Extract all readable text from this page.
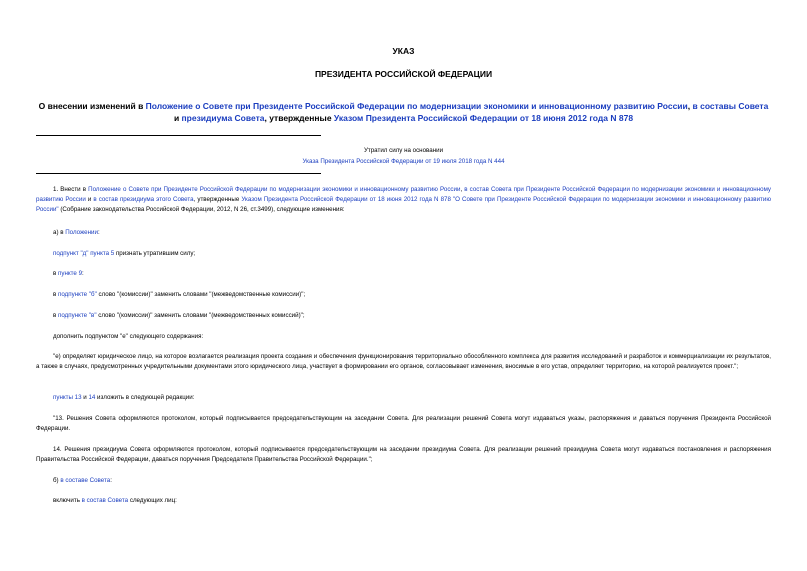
УКАЗ
ПРЕЗИДЕНТА РОССИЙСКОЙ ФЕДЕРАЦИИ
О внесении изменений в Положение о Совете при Президенте Российской Федерации по модернизации экономики и инновационному развитию России, в составы Совета и президиума Совета, утвержденные Указом Президента Российской Федерации от 18 июня 2012 года N 878
Утратил силу на основании
Указа Президента Российской Федерации от 19 июля 2018 года N 444
1. Внести в Положение о Совете при Президенте Российской Федерации по модернизации экономики и инновационному развитию России, в состав Совета при Президенте Российской Федерации по модернизации экономики и инновационному развитию России и в состав президиума этого Совета, утвержденные Указом Президента Российской Федерации от 18 июня 2012 года N 878 "О Совете при Президенте Российской Федерации по модернизации экономики и инновационному развитию России" (Собрание законодательства Российской Федерации, 2012, N 26, ст.3499), следующие изменения:
а) в Положении:
подпункт "д" пункта 5 признать утратившим силу;
в пункте 9:
в подпункте "б" слово "(комиссии)" заменить словами "(межведомственные комиссии)";
в подпункте "в" слово "(комиссии)" заменить словами "(межведомственных комиссий)";
дополнить подпунктом "е" следующего содержания:
"е) определяет юридическое лицо, на которое возлагается реализация проекта создания и обеспечения функционирования территориально обособленного комплекса для развития исследований и разработок и коммерциализации их результатов, а также в случаях, предусмотренных учредительными документами этого юридического лица, участвует в формировании его органов, согласовывает изменения, вносимые в его устав, определяет территорию, на которой реализуется проект.";
пункты 13 и 14 изложить в следующей редакции:
"13. Решения Совета оформляются протоколом, который подписывается председательствующим на заседании Совета. Для реализации решений Совета могут издаваться указы, распоряжения и даваться поручения Президента Российской Федерации.
14. Решения президиума Совета оформляются протоколом, который подписывается председательствующим на заседании президиума Совета. Для реализации решений президиума Совета могут издаваться постановления и распоряжения Правительства Российской Федерации, даваться поручения Председателя Правительства Российской Федерации.";
б) в составе Совета:
включить в состав Совета следующих лиц:
